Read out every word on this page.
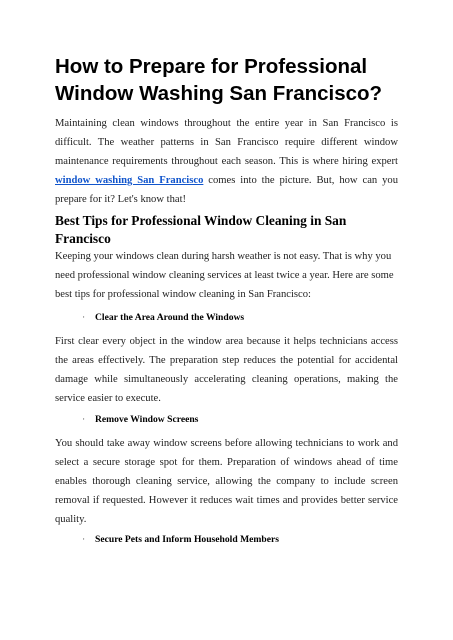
How to Prepare for Professional Window Washing San Francisco?

Maintaining clean windows throughout the entire year in San Francisco is difficult. The weather patterns in San Francisco require different window maintenance requirements throughout each season. This is where hiring expert window washing San Francisco comes into the picture. But, how can you prepare for it? Let's know that!

Best Tips for Professional Window Cleaning in San Francisco

Keeping your windows clean during harsh weather is not easy. That is why you need professional window cleaning services at least twice a year. Here are some best tips for professional window cleaning in San Francisco:

· Clear the Area Around the Windows

First clear every object in the window area because it helps technicians access the areas effectively. The preparation step reduces the potential for accidental damage while simultaneously accelerating cleaning operations, making the service easier to execute.

· Remove Window Screens

You should take away window screens before allowing technicians to work and select a secure storage spot for them. Preparation of windows ahead of time enables thorough cleaning service, allowing the company to include screen removal if requested. However it reduces wait times and provides better service quality.

· Secure Pets and Inform Household Members
